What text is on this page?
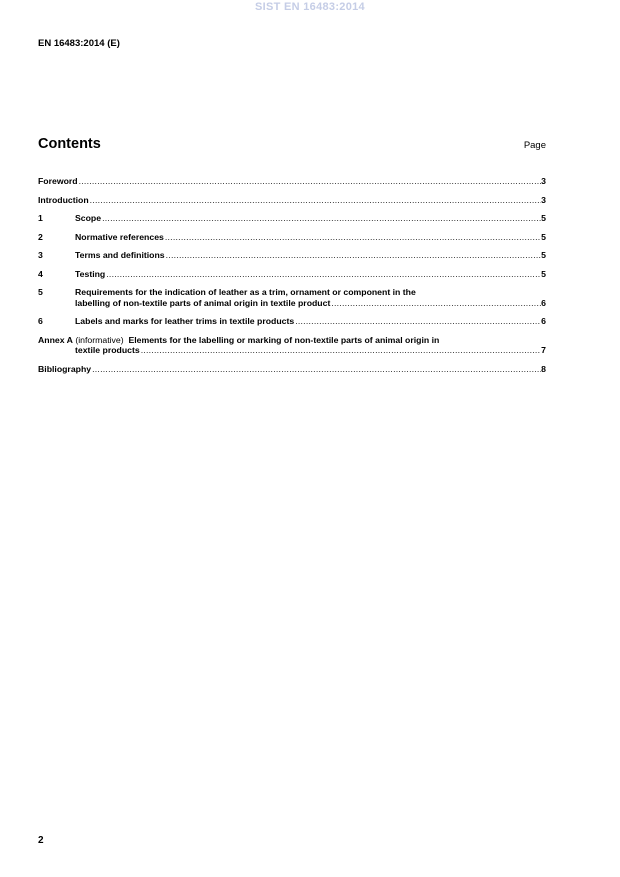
SIST EN 16483:2014
EN 16483:2014 (E)
Contents	Page
Foreword .....	3
Introduction .....	3
1	Scope .....	5
2	Normative references .....	5
3	Terms and definitions .....	5
4	Testing .....	5
5	Requirements for the indication of leather as a trim, ornament or component in the
labelling of non-textile parts of animal origin in textile product .....	6
6	Labels and marks for leather trims in textile products .....	6
Annex A
(informative)
Elements for the labelling or marking of non-textile parts of animal origin in
textile products .....	7
Bibliography .....	8
2
